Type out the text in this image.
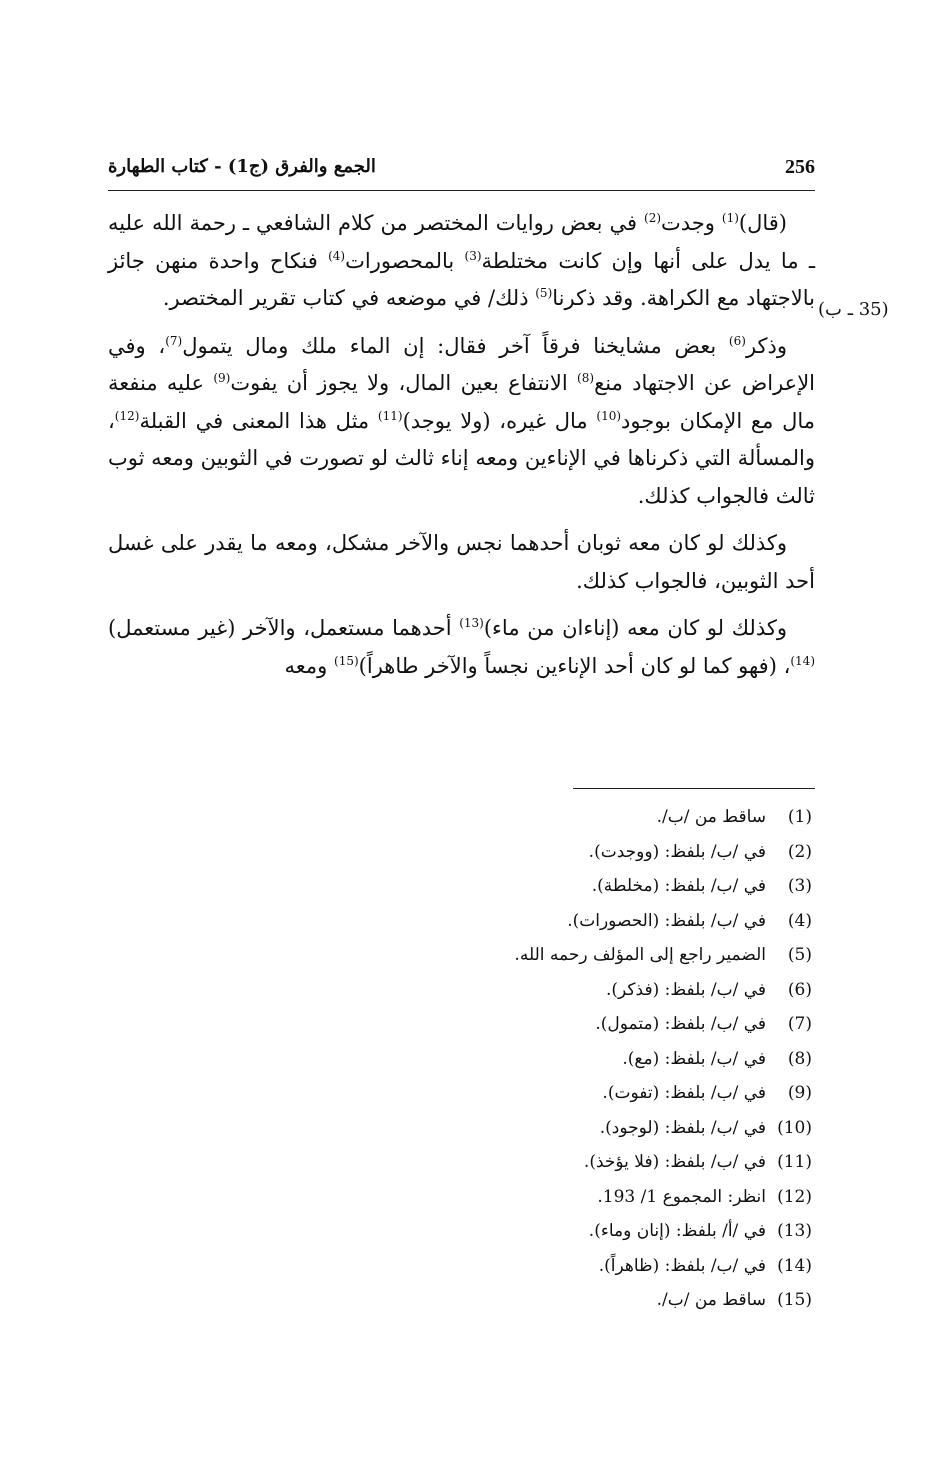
الجمع والفرق (ج1) - كتاب الطهارة	256
(35 ـ ب)

(قال)$^{(1)}$ وجدت$^{(2)}$ في بعض روايات المختصر من كلام الشافعي ـ رحمة الله عليه ـ ما يدل على أنها وإن كانت مختلطة$^{(3)}$ بالمحصورات$^{(4)}$ فنكاح واحدة منهن جائز بالاجتهاد مع الكراهة. وقد ذكرنا$^{(5)}$ ذلك/ في موضعه في كتاب تقرير المختصر.

وذكر$^{(6)}$ بعض مشايخنا فرقاً آخر فقال: إن الماء ملك ومال يتمول$^{(7)}$، وفي الإعراض عن الاجتهاد منع$^{(8)}$ الانتفاع بعين المال، ولا يجوز أن يفوت$^{(9)}$ عليه منفعة مال مع الإمكان بوجود$^{(10)}$ مال غيره، (ولا يوجد)$^{(11)}$ مثل هذا المعنى في القبلة$^{(12)}$، والمسألة التي ذكرناها في الإناءين ومعه إناء ثالث لو تصورت في الثوبين ومعه ثوب ثالث فالجواب كذلك.

وكذلك لو كان معه ثوبان أحدهما نجس والآخر مشكل، ومعه ما يقدر على غسل أحد الثوبين، فالجواب كذلك.

وكذلك لو كان معه (إناءان من ماء)$^{(13)}$ أحدهما مستعمل، والآخر (غير مستعمل)$^{(14)}$، (فهو كما لو كان أحد الإناءين نجساً والآخر طاهراً)$^{(15)}$ ومعه

(1)ساقط من /ب/.
(2)في /ب/ بلفظ: (ووجدت).
(3)في /ب/ بلفظ: (مخلطة).
(4)في /ب/ بلفظ: (الحصورات).
(5)الضمير راجع إلى المؤلف رحمه الله.
(6)في /ب/ بلفظ: (فذكر).
(7)في /ب/ بلفظ: (متمول).
(8)في /ب/ بلفظ: (مع).
(9)في /ب/ بلفظ: (تفوت).
(10)في /ب/ بلفظ: (لوجود).
(11)في /ب/ بلفظ: (فلا يؤخذ).
(12)انظر: المجموع 1/ 193.
(13)في /أ/ بلفظ: (إنان وماء).
(14)في /ب/ بلفظ: (ظاهراً).
(15)ساقط من /ب/.
